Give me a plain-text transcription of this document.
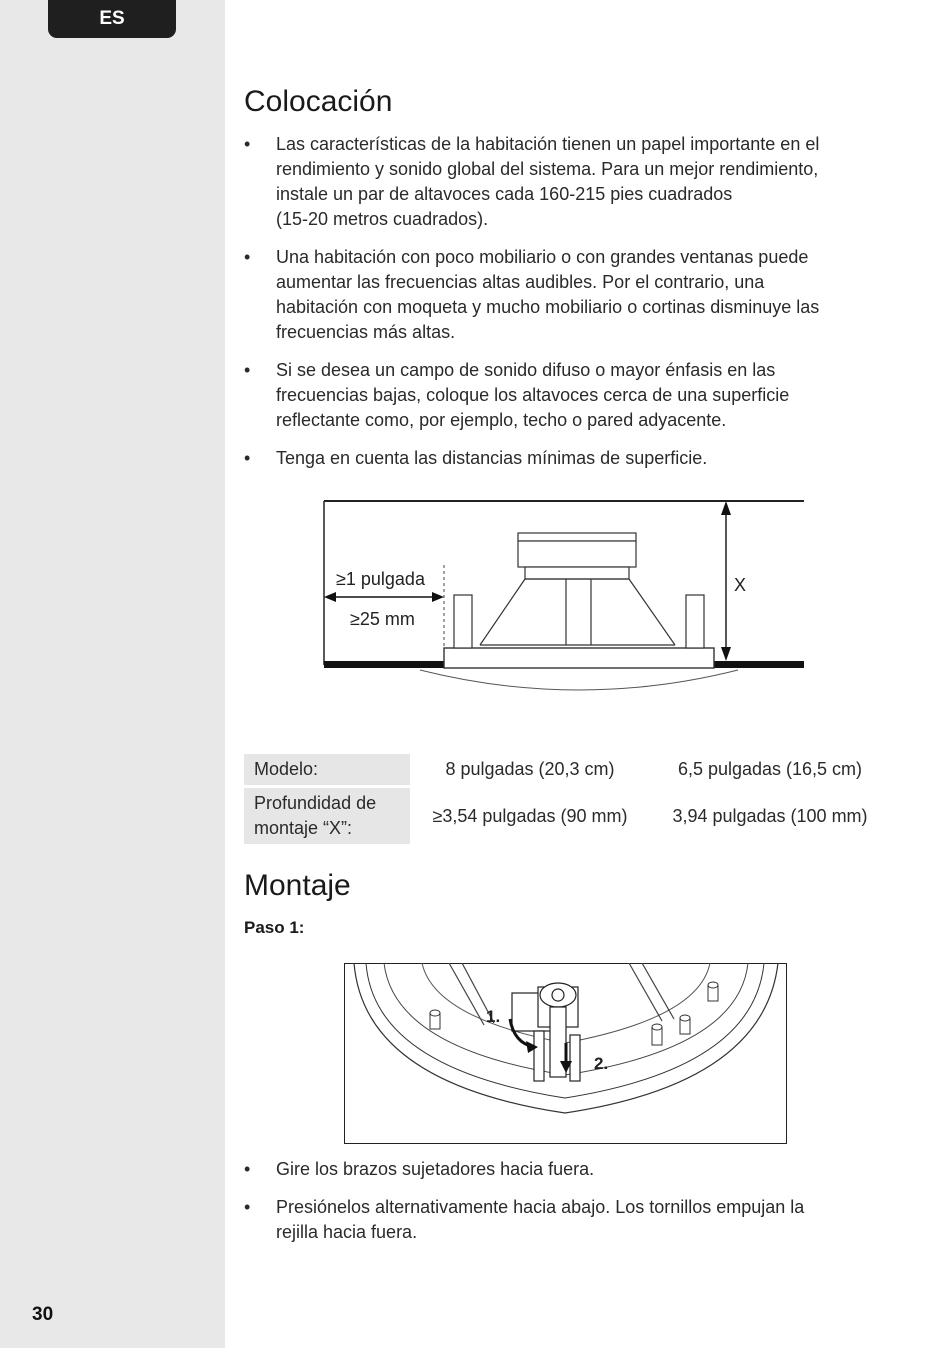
ES
30
Colocación
• Las características de la habitación tienen un papel importante en el
rendimiento y sonido global del sistema. Para un mejor rendimiento,
instale un par de altavoces cada 160-215 pies cuadrados
(15-20 metros cuadrados).
• Una habitación con poco mobiliario o con grandes ventanas puede
aumentar las frecuencias altas audibles. Por el contrario, una
habitación con moqueta y mucho mobiliario o cortinas disminuye las
frecuencias más altas.
• Si se desea un campo de sonido difuso o mayor énfasis en las
frecuencias bajas, coloque los altavoces cerca de una superficie
reflectante como, por ejemplo, techo o pared adyacente.
• Tenga en cuenta las distancias mínimas de superficie.
≥1 pulgada
≥25 mm
X
Modelo:	8 pulgadas (20,3 cm)	6,5 pulgadas (16,5 cm)

Profundidad de
montaje “X”:	≥3,54 pulgadas (90 mm)	3,94 pulgadas (100 mm)
Montaje
Paso 1:
1.
2.
• Gire los brazos sujetadores hacia fuera.
• Presiónelos alternativamente hacia abajo. Los tornillos empujan la
rejilla hacia fuera.
